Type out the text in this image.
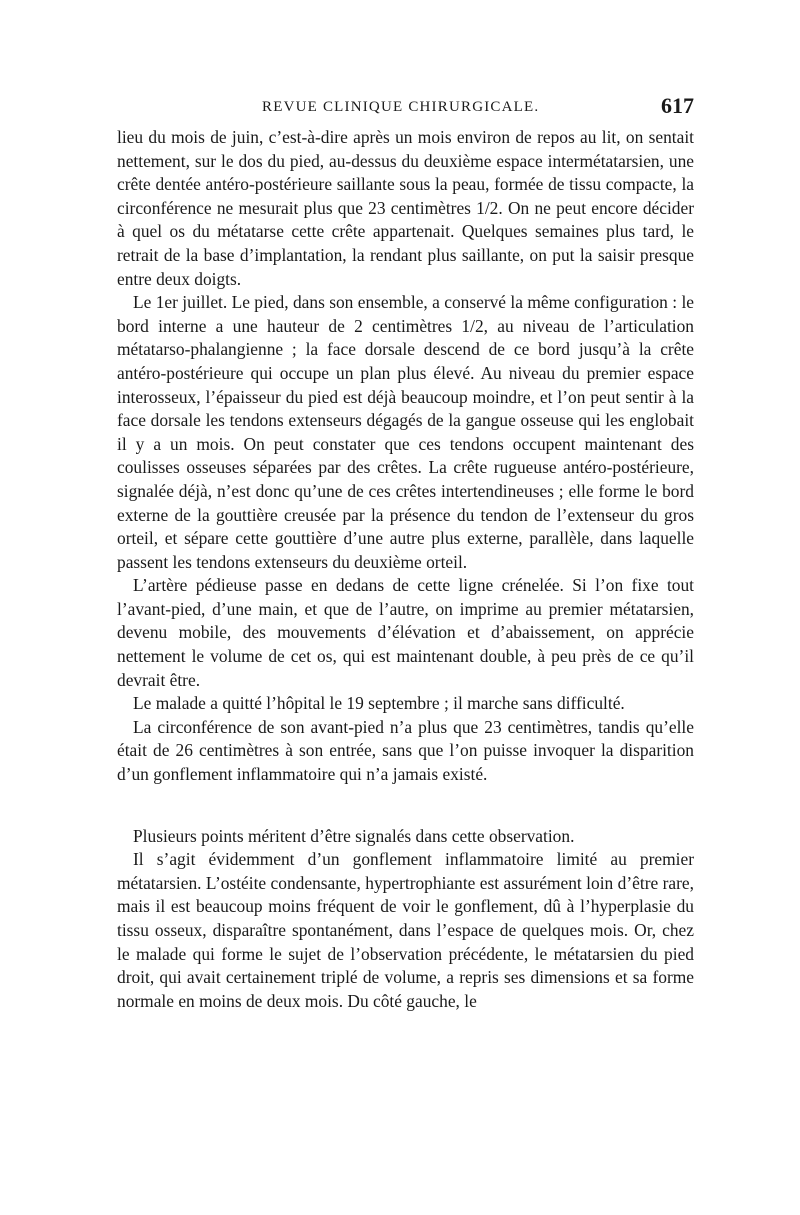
REVUE CLINIQUE CHIRURGICALE.	617

lieu du mois de juin, c’est-à-dire après un mois environ de repos au lit, on sentait nettement, sur le dos du pied, au-dessus du deuxième espace intermétatarsien, une crête dentée antéro-postérieure saillante sous la peau, formée de tissu compacte, la circonférence ne mesurait plus que 23 centimètres 1/2. On ne peut encore décider à quel os du métatarse cette crête appartenait. Quelques semaines plus tard, le retrait de la base d’implantation, la rendant plus saillante, on put la saisir presque entre deux doigts.

Le 1er juillet. Le pied, dans son ensemble, a conservé la même configuration : le bord interne a une hauteur de 2 centimètres 1/2, au niveau de l’articulation métatarso-phalangienne ; la face dorsale descend de ce bord jusqu’à la crête antéro-postérieure qui occupe un plan plus élevé. Au niveau du premier espace interosseux, l’épaisseur du pied est déjà beaucoup moindre, et l’on peut sentir à la face dorsale les tendons extenseurs dégagés de la gangue osseuse qui les englobait il y a un mois. On peut constater que ces tendons occupent maintenant des coulisses osseuses séparées par des crêtes. La crête rugueuse antéro-postérieure, signalée déjà, n’est donc qu’une de ces crêtes intertendineuses ; elle forme le bord externe de la gouttière creusée par la présence du tendon de l’extenseur du gros orteil, et sépare cette gouttière d’une autre plus externe, parallèle, dans laquelle passent les tendons extenseurs du deuxième orteil.

L’artère pédieuse passe en dedans de cette ligne crénelée. Si l’on fixe tout l’avant-pied, d’une main, et que de l’autre, on imprime au premier métatarsien, devenu mobile, des mouvements d’élévation et d’abaissement, on apprécie nettement le volume de cet os, qui est maintenant double, à peu près de ce qu’il devrait être.

Le malade a quitté l’hôpital le 19 septembre ; il marche sans difficulté.

La circonférence de son avant-pied n’a plus que 23 centimètres, tandis qu’elle était de 26 centimètres à son entrée, sans que l’on puisse invoquer la disparition d’un gonflement inflammatoire qui n’a jamais existé.

Plusieurs points méritent d’être signalés dans cette observation.

Il s’agit évidemment d’un gonflement inflammatoire limité au premier métatarsien. L’ostéite condensante, hypertrophiante est assurément loin d’être rare, mais il est beaucoup moins fréquent de voir le gonflement, dû à l’hyperplasie du tissu osseux, disparaître spontanément, dans l’espace de quelques mois. Or, chez le malade qui forme le sujet de l’observation précédente, le métatarsien du pied droit, qui avait certainement triplé de volume, a repris ses dimensions et sa forme normale en moins de deux mois. Du côté gauche, le
